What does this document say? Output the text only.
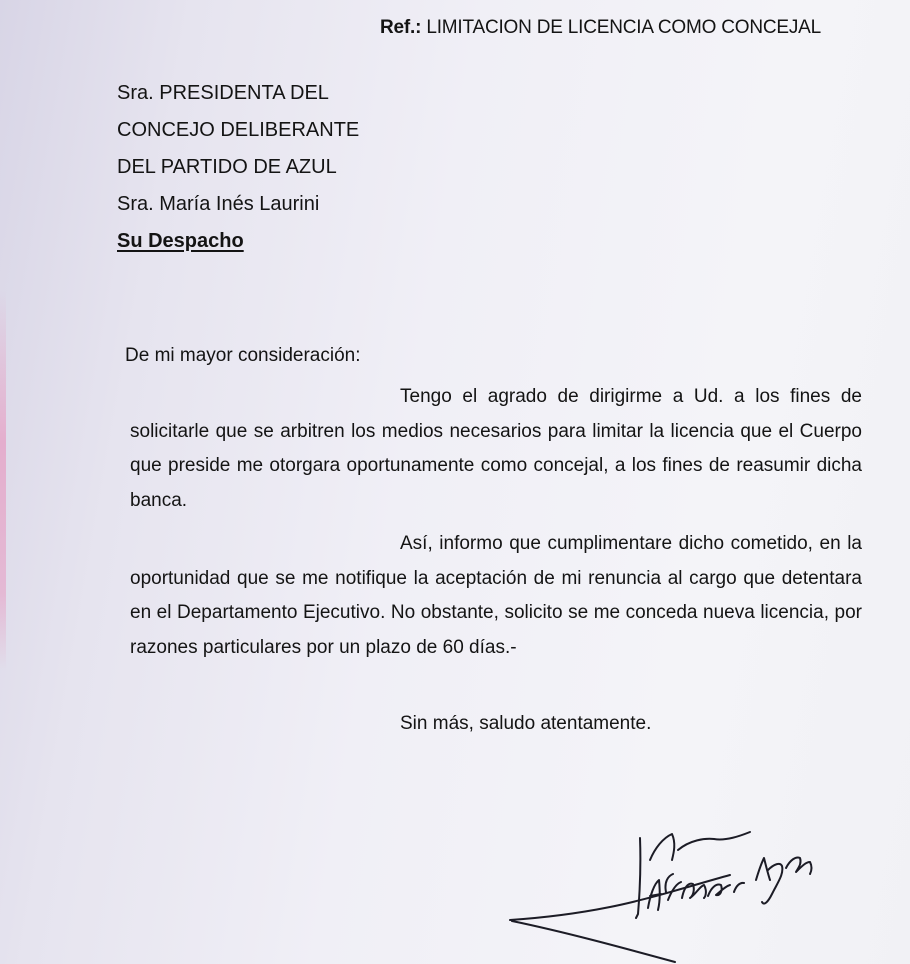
Ref.: LIMITACION DE LICENCIA COMO CONCEJAL
Sra. PRESIDENTA DEL
CONCEJO DELIBERANTE
DEL PARTIDO DE AZUL
Sra. María Inés Laurini
Su Despacho
De mi mayor consideración:

Tengo el agrado de dirigirme a Ud. a los fines de solicitarle que se arbitren los medios necesarios para limitar la licencia que el Cuerpo que preside me otorgara oportunamente como concejal, a los fines de reasumir dicha banca.

Así, informo que cumplimentare dicho cometido, en la oportunidad que se me notifique la aceptación de mi renuncia al cargo que detentara en el Departamento Ejecutivo. No obstante, solicito se me conceda nueva licencia, por razones particulares por un plazo de 60 días.-

Sin más, saludo atentamente.
